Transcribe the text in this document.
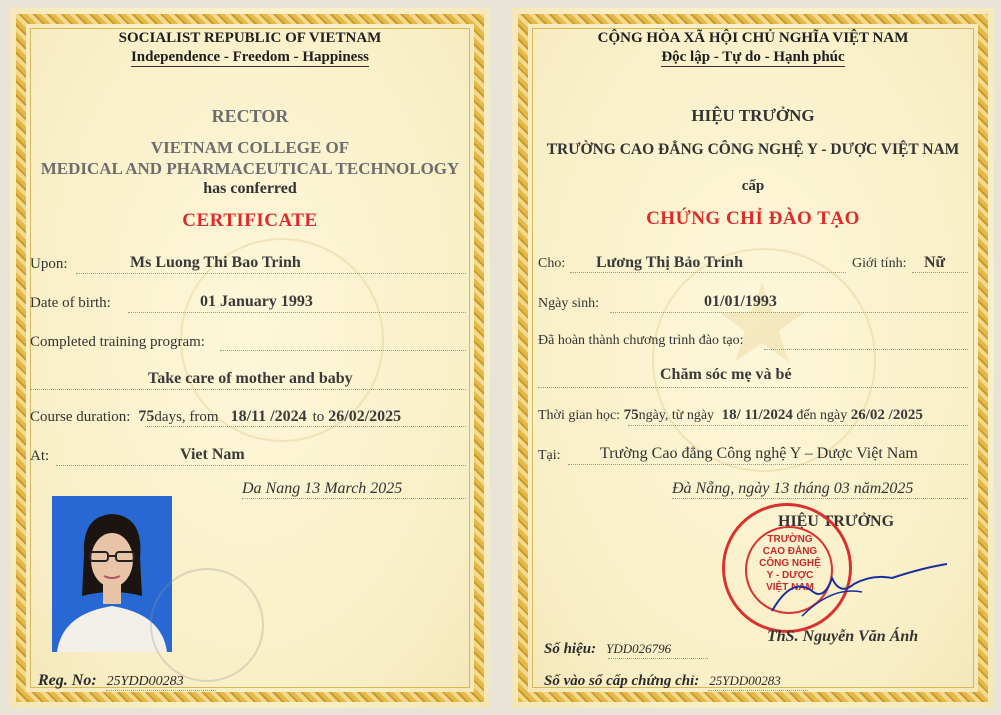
SOCIALIST REPUBLIC OF VIETNAM
Independence - Freedom - Happiness
RECTOR
VIETNAM COLLEGE OF
MEDICAL AND PHARMACEUTICAL TECHNOLOGY
has conferred
CERTIFICATE
Upon:	Ms Luong Thi Bao Trinh
Date of birth:	01 January 1993
Completed training program:
Take care of mother and baby
Course duration: 75days, from 18/11 /2024 to 26/02/2025
At:	Viet Nam
Da Nang 13 March 2025
Reg. No: 25YDD00283
CỘNG HÒA XÃ HỘI CHỦ NGHĨA VIỆT NAM
Độc lập - Tự do - Hạnh phúc
HIỆU TRƯỞNG
TRƯỜNG CAO ĐẲNG CÔNG NGHỆ Y - DƯỢC VIỆT NAM
cấp
CHỨNG CHỈ ĐÀO TẠO
Cho: Lương Thị Bảo Trinh	Giới tính: Nữ
Ngày sinh:	01/01/1993
Đã hoàn thành chương trình đào tạo:
Chăm sóc mẹ và bé
Thời gian học: 75ngày, từ ngày 18/ 11/2024 đến ngày 26/02 /2025
Tại: Trường Cao đẳng Công nghệ Y – Dược Việt Nam
Đà Nẵng, ngày 13 tháng 03 năm2025
HIỆU TRƯỞNG
TRƯỜNG
CAO ĐẲNG
CÔNG NGHỆ
Y - DƯỢC
VIỆT NAM
ThS. Nguyễn Văn Ánh
Số hiệu: YDD026796
Số vào sổ cấp chứng chỉ: 25YDD00283
